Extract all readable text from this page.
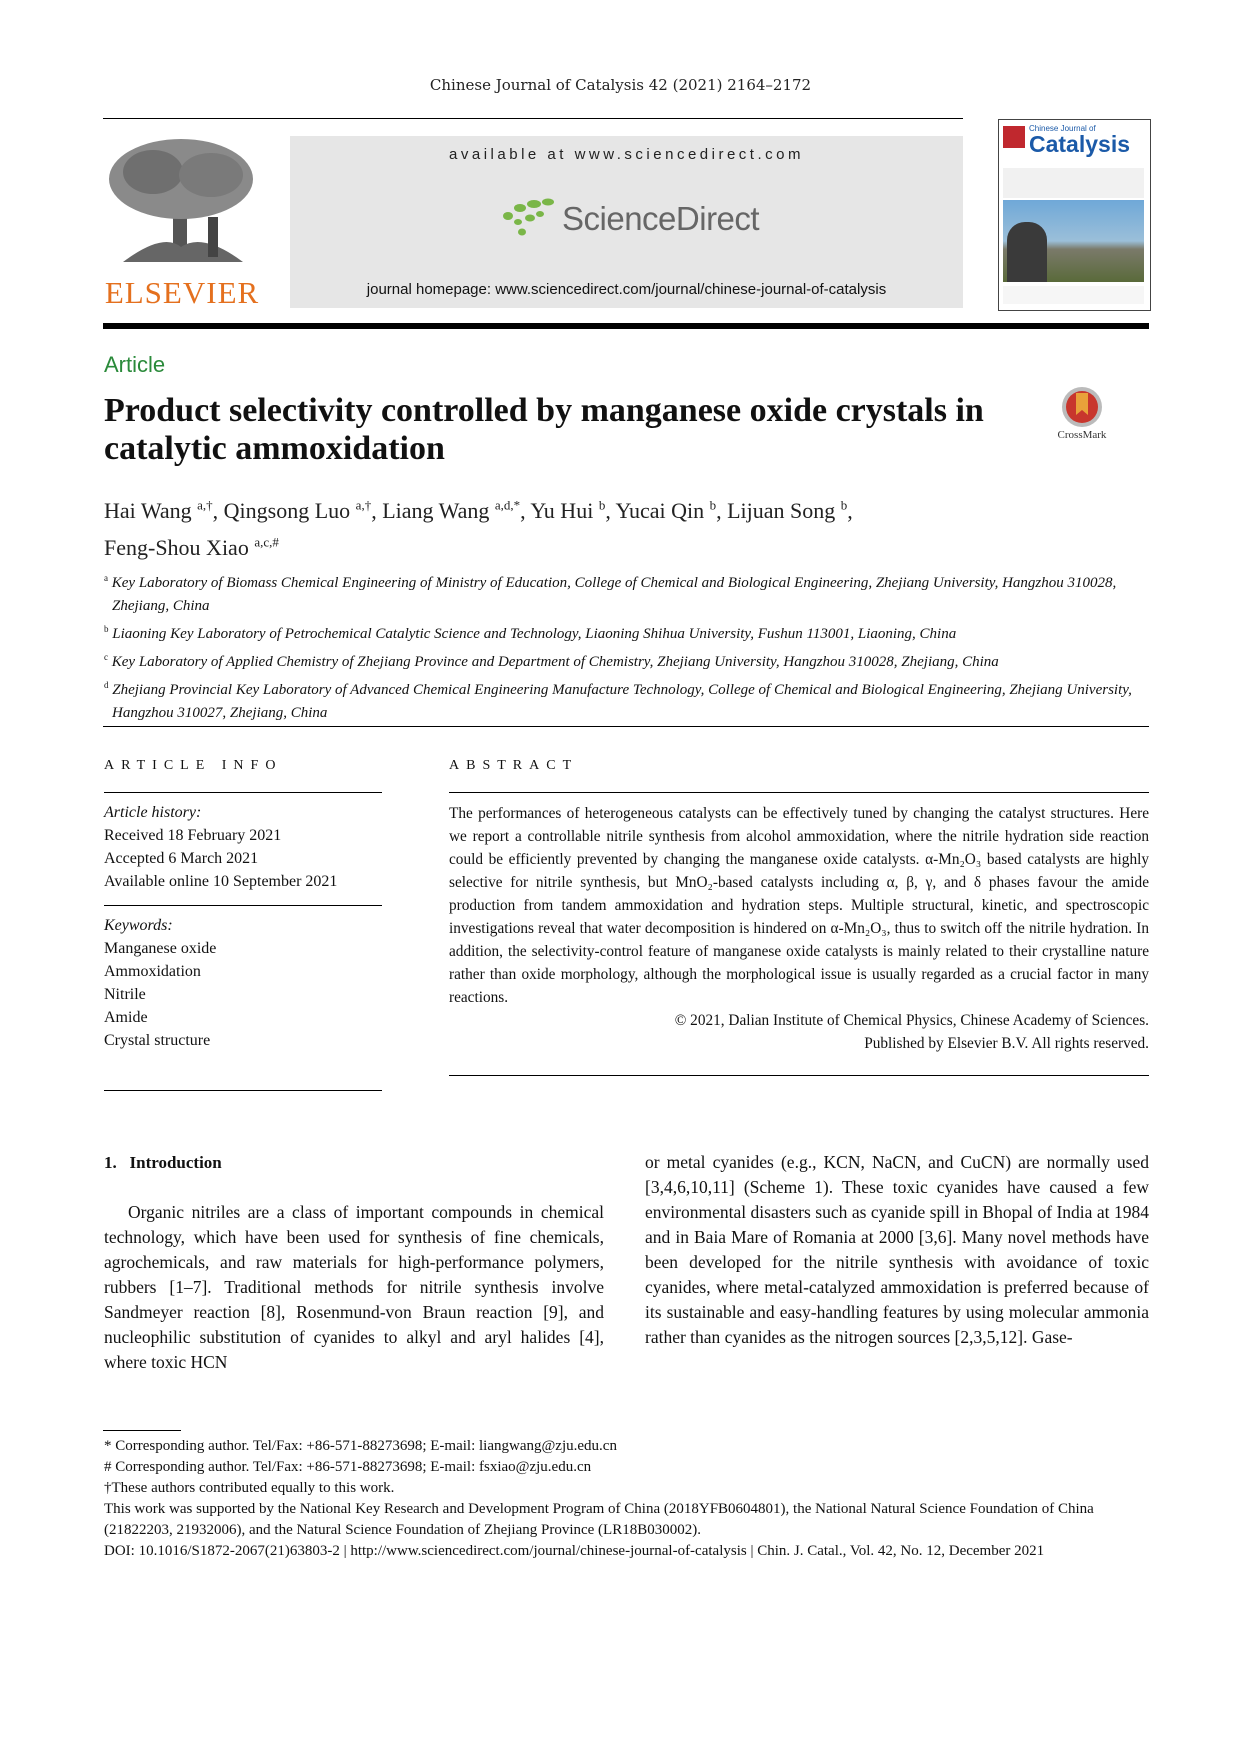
Chinese Journal of Catalysis 42 (2021) 2164–2172
ELSEVIER
available at www.sciencedirect.com
ScienceDirect
journal homepage: www.sciencedirect.com/journal/chinese-journal-of-catalysis
Chinese Journal of
Catalysis
Article
Product selectivity controlled by manganese oxide crystals in catalytic ammoxidation	CrossMark
Hai Wang $^{a,\dagger}$, Qingsong Luo $^{a,\dagger}$, Liang Wang $^{a,d,*}$, Yu Hui $^b$, Yucai Qin $^b$, Lijuan Song $^b$,
Feng-Shou Xiao $^{a,c,\#}$
$^a$ Key Laboratory of Biomass Chemical Engineering of Ministry of Education, College of Chemical and Biological Engineering, Zhejiang University, Hangzhou 310028, Zhejiang, China
$^b$ Liaoning Key Laboratory of Petrochemical Catalytic Science and Technology, Liaoning Shihua University, Fushun 113001, Liaoning, China
$^c$ Key Laboratory of Applied Chemistry of Zhejiang Province and Department of Chemistry, Zhejiang University, Hangzhou 310028, Zhejiang, China
$^d$ Zhejiang Provincial Key Laboratory of Advanced Chemical Engineering Manufacture Technology, College of Chemical and Biological Engineering, Zhejiang University, Hangzhou 310027, Zhejiang, China
ARTICLE INFO
Article history:
Received 18 February 2021
Accepted 6 March 2021
Available online 10 September 2021
Keywords:
Manganese oxide
Ammoxidation
Nitrile
Amide
Crystal structure
ABSTRACT
The performances of heterogeneous catalysts can be effectively tuned by changing the catalyst structures. Here we report a controllable nitrile synthesis from alcohol ammoxidation, where the nitrile hydration side reaction could be efficiently prevented by changing the manganese oxide catalysts. α-Mn₂O₃ based catalysts are highly selective for nitrile synthesis, but MnO₂-based catalysts including α, β, γ, and δ phases favour the amide production from tandem ammoxidation and hydration steps. Multiple structural, kinetic, and spectroscopic investigations reveal that water decomposition is hindered on α-Mn₂O₃, thus to switch off the nitrile hydration. In addition, the selectivity-control feature of manganese oxide catalysts is mainly related to their crystalline nature rather than oxide morphology, although the morphological issue is usually regarded as a crucial factor in many reactions.
© 2021, Dalian Institute of Chemical Physics, Chinese Academy of Sciences.
Published by Elsevier B.V. All rights reserved.
1. Introduction
Organic nitriles are a class of important compounds in chemical technology, which have been used for synthesis of fine chemicals, agrochemicals, and raw materials for high-performance polymers, rubbers [1–7]. Traditional methods for nitrile synthesis involve Sandmeyer reaction [8], Rosenmund-von Braun reaction [9], and nucleophilic substitution of cyanides to alkyl and aryl halides [4], where toxic HCN
or metal cyanides (e.g., KCN, NaCN, and CuCN) are normally used [3,4,6,10,11] (Scheme 1). These toxic cyanides have caused a few environmental disasters such as cyanide spill in Bhopal of India at 1984 and in Baia Mare of Romania at 2000 [3,6]. Many novel methods have been developed for the nitrile synthesis with avoidance of toxic cyanides, where metal-catalyzed ammoxidation is preferred because of its sustainable and easy-handling features by using molecular ammonia rather than cyanides as the nitrogen sources [2,3,5,12]. Gase-
* Corresponding author. Tel/Fax: +86-571-88273698; E-mail: liangwang@zju.edu.cn
# Corresponding author. Tel/Fax: +86-571-88273698; E-mail: fsxiao@zju.edu.cn
†These authors contributed equally to this work.
This work was supported by the National Key Research and Development Program of China (2018YFB0604801), the National Natural Science Foundation of China (21822203, 21932006), and the Natural Science Foundation of Zhejiang Province (LR18B030002).
DOI: 10.1016/S1872-2067(21)63803-2 | http://www.sciencedirect.com/journal/chinese-journal-of-catalysis | Chin. J. Catal., Vol. 42, No. 12, December 2021
